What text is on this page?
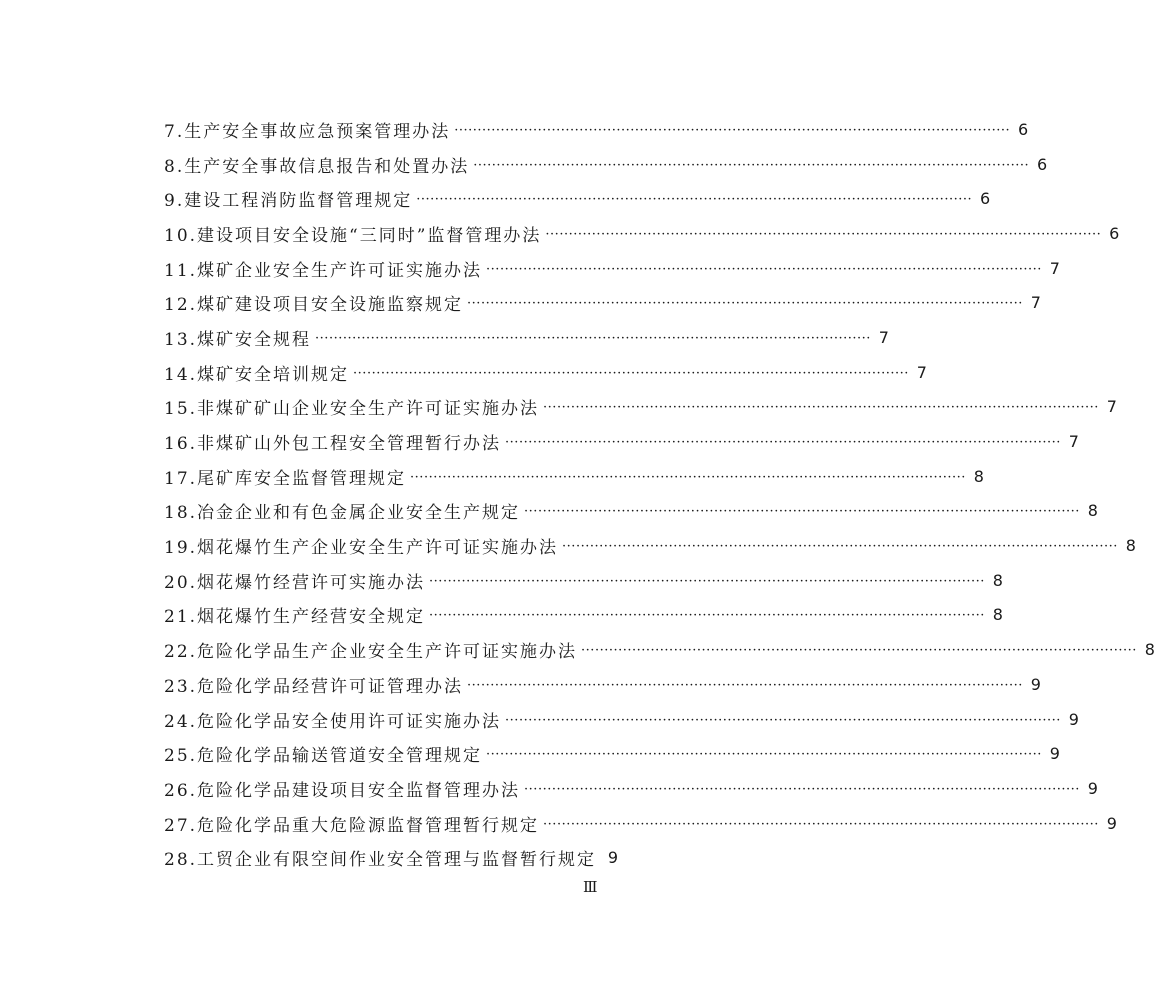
7.生产安全事故应急预案管理办法 ························································································································ 6
8.生产安全事故信息报告和处置办法 ························································································································ 6
9.建设工程消防监督管理规定 ························································································································ 6
10.建设项目安全设施“三同时”监督管理办法 ························································································································ 6
11.煤矿企业安全生产许可证实施办法 ························································································································ 7
12.煤矿建设项目安全设施监察规定 ························································································································ 7
13.煤矿安全规程 ························································································································ 7
14.煤矿安全培训规定 ························································································································ 7
15.非煤矿矿山企业安全生产许可证实施办法 ························································································································ 7
16.非煤矿山外包工程安全管理暂行办法 ························································································································ 7
17.尾矿库安全监督管理规定 ························································································································ 8
18.冶金企业和有色金属企业安全生产规定 ························································································································ 8
19.烟花爆竹生产企业安全生产许可证实施办法 ························································································································ 8
20.烟花爆竹经营许可实施办法 ························································································································ 8
21.烟花爆竹生产经营安全规定 ························································································································ 8
22.危险化学品生产企业安全生产许可证实施办法 ························································································································ 8
23.危险化学品经营许可证管理办法 ························································································································ 9
24.危险化学品安全使用许可证实施办法 ························································································································ 9
25.危险化学品输送管道安全管理规定 ························································································································ 9
26.危险化学品建设项目安全监督管理办法 ························································································································ 9
27.危险化学品重大危险源监督管理暂行规定 ························································································································ 9
28.工贸企业有限空间作业安全管理与监督暂行规定 9
Ⅲ
